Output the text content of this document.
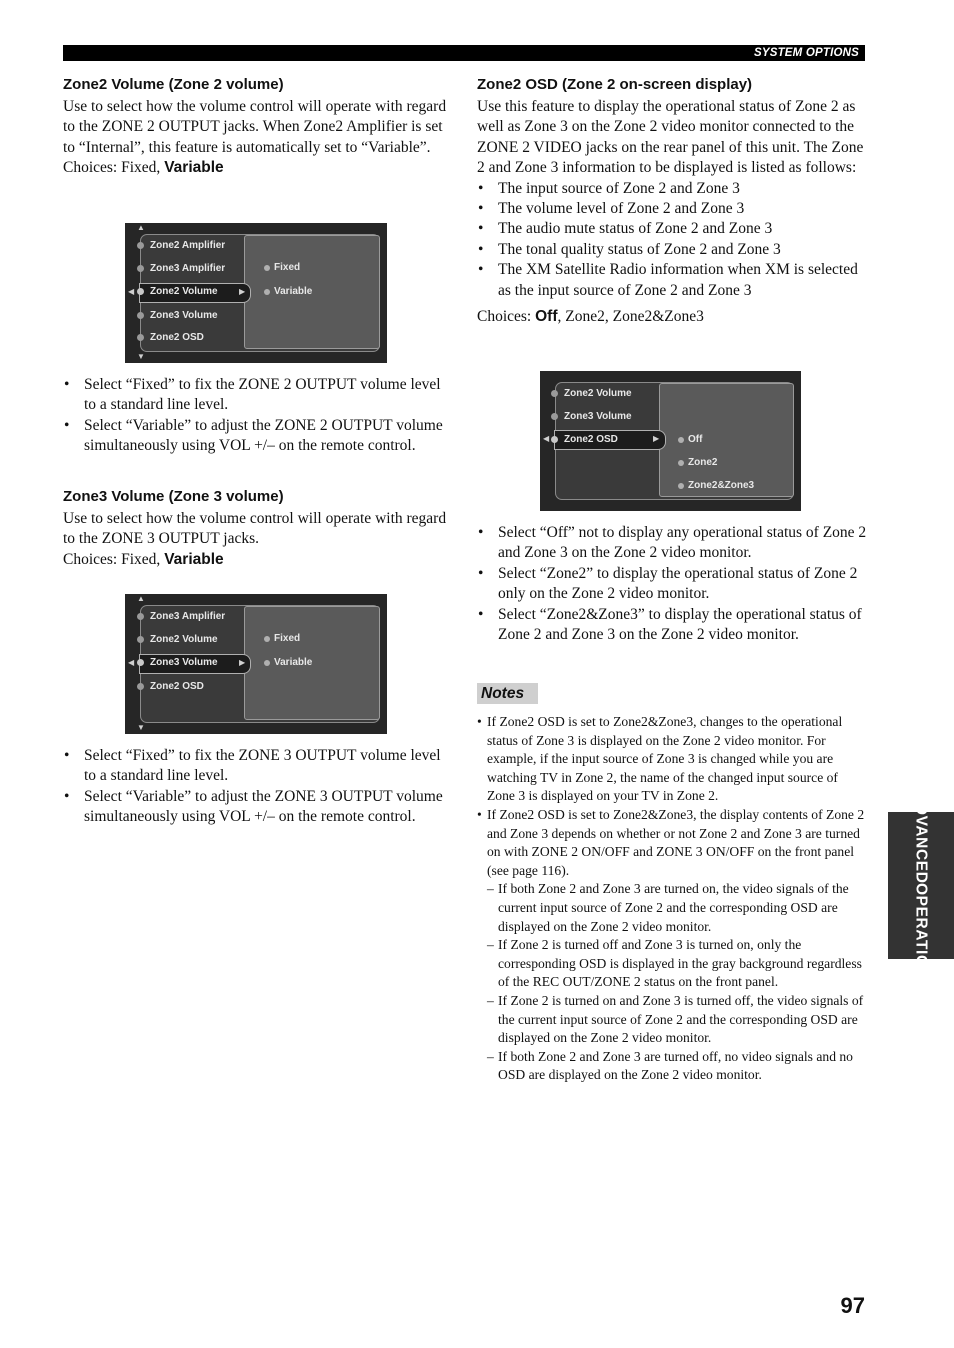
SYSTEM OPTIONS

Zone2 Volume (Zone 2 volume)

Use to select how the volume control will operate with regard to the ZONE 2 OUTPUT jacks. When Zone2 Amplifier is set to “Internal”, this feature is automatically set to “Variable”.

Choices: Fixed, Variable

▲
▼
◀	▶
Zone2 Amplifier
Zone3 Amplifier
Zone2 Volume
Zone3 Volume
Zone2 OSD
Fixed
Variable
• Select “Fixed” to fix the ZONE 2 OUTPUT volume level to a standard line level.
• Select “Variable” to adjust the ZONE 2 OUTPUT volume simultaneously using VOL +/– on the remote control.

Zone3 Volume (Zone 3 volume)

Use to select how the volume control will operate with regard to the ZONE 3 OUTPUT jacks.

Choices: Fixed, Variable

▲
▼
◀	▶
Zone3 Amplifier
Zone2 Volume
Zone3 Volume
Zone2 OSD
Fixed
Variable
• Select “Fixed” to fix the ZONE 3 OUTPUT volume level to a standard line level.
• Select “Variable” to adjust the ZONE 3 OUTPUT volume simultaneously using VOL +/– on the remote control.

Zone2 OSD (Zone 2 on-screen display)

Use this feature to display the operational status of Zone 2 as well as Zone 3 on the Zone 2 video monitor connected to the ZONE 2 VIDEO jacks on the rear panel of this unit. The Zone 2 and Zone 3 information to be displayed is listed as follows:

• The input source of Zone 2 and Zone 3
• The volume level of Zone 2 and Zone 3
• The audio mute status of Zone 2 and Zone 3
• The tonal quality status of Zone 2 and Zone 3
• The XM Satellite Radio information when XM is selected as the input source of Zone 2 and Zone 3

Choices: Off, Zone2, Zone2&Zone3

◀	▶
Zone2 Volume
Zone3 Volume
Zone2 OSD	Off
Zone2
Zone2&Zone3
• Select “Off” not to display any operational status of Zone 2 and Zone 3 on the Zone 2 video monitor.
• Select “Zone2” to display the operational status of Zone 2 only on the Zone 2 video monitor.
• Select “Zone2&Zone3” to display the operational status of Zone 2 and Zone 3 on the Zone 2 video monitor.
Notes

• If Zone2 OSD is set to Zone2&Zone3, changes to the operational status of Zone 3 is displayed on the Zone 2 video monitor. For example, if the input source of Zone 3 is changed while you are watching TV in Zone 2, the name of the changed input source of Zone 3 is displayed on your TV in Zone 2.

• If Zone2 OSD is set to Zone2&Zone3, the display contents of Zone 2 and Zone 3 depends on whether or not Zone 2 and Zone 3 are turned on with ZONE 2 ON/OFF and ZONE 3 ON/OFF on the front panel (see page 116).

– If both Zone 2 and Zone 3 are turned on, the video signals of the current input source of Zone 2 and the corresponding OSD are displayed on the Zone 2 video monitor.

– If Zone 2 is turned off and Zone 3 is turned on, only the corresponding OSD is displayed in the gray background regardless of the REC OUT/ZONE 2 status on the front panel.

– If Zone 2 is turned on and Zone 3 is turned off, the video signals of the current input source of Zone 2 and the corresponding OSD are displayed on the Zone 2 video monitor.

– If both Zone 2 and Zone 3 are turned off, no video signals and no OSD are displayed on the Zone 2 video monitor.

ADVANCED
OPERATION
97
